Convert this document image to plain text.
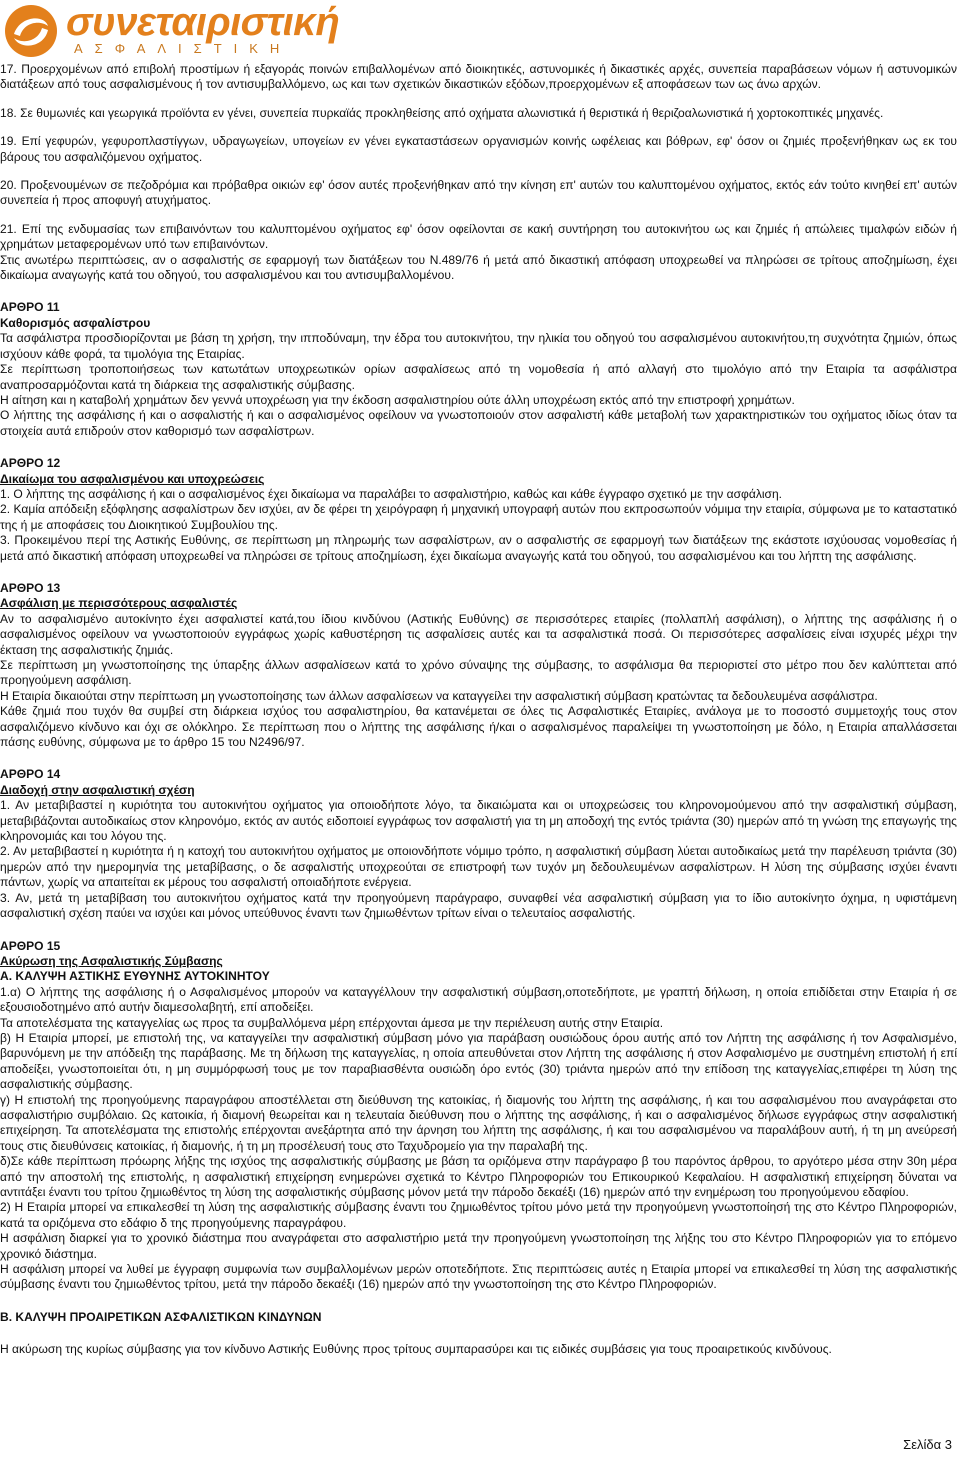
συνεταιριστική
ΑΣΦΑΛΙΣΤΙΚΗ

17. Προερχομένων από επιβολή προστίμων ή εξαγοράς ποινών επιβαλλομένων από διοικητικές, αστυνομικές ή δικαστικές αρχές, συνεπεία παραβάσεων νόμων ή αστυνομικών διατάξεων από τους ασφαλισμένους ή τον αντισυμβαλλόμενο, ως και των σχετικών δικαστικών εξόδων,προερχομένων εξ αποφάσεων των ως άνω αρχών.

18. Σε θυμωνιές και γεωργικά προϊόντα εν γένει, συνεπεία πυρκαϊάς προκληθείσης από οχήματα αλωνιστικά ή θεριστικά ή θεριζοαλωνιστικά ή χορτοκοπτικές μηχανές.

19. Επί γεφυρών, γεφυροπλαστίγγων, υδραγωγείων, υπογείων εν γένει εγκαταστάσεων οργανισμών κοινής ωφέλειας και βόθρων, εφ' όσον οι ζημιές προξενήθηκαν ως εκ του βάρους του ασφαλιζόμενου οχήματος.

20. Προξενουμένων σε πεζοδρόμια και πρόβαθρα οικιών εφ' όσον αυτές προξενήθηκαν από την κίνηση επ' αυτών του καλυπτομένου οχήματος, εκτός εάν τούτο κινηθεί επ' αυτών συνεπεία ή προς αποφυγή ατυχήματος.

21. Επί της ενδυμασίας των επιβαινόντων του καλυπτομένου οχήματος εφ' όσον οφείλονται σε κακή συντήρηση του αυτοκινήτου ως και ζημιές ή απώλειες τιμαλφών ειδών ή χρημάτων μεταφερομένων υπό των επιβαινόντων.

Στις ανωτέρω περιπτώσεις, αν ο ασφαλιστής σε εφαρμογή των διατάξεων του Ν.489/76 ή μετά από δικαστική απόφαση υποχρεωθεί να πληρώσει σε τρίτους αποζημίωση, έχει δικαίωμα αναγωγής κατά του οδηγού, του ασφαλισμένου και του αντισυμβαλλομένου.

ΑΡΘΡΟ 11

Καθορισμός ασφαλίστρου

Τα ασφάλιστρα προσδιορίζονται με βάση τη χρήση, την ιπποδύναμη, την έδρα του αυτοκινήτου, την ηλικία του οδηγού του ασφαλισμένου αυτοκινήτου,τη συχνότητα ζημιών, όπως ισχύουν κάθε φορά, τα τιμολόγια της Εταιρίας.

Σε περίπτωση τροποποιήσεως των κατωτάτων υποχρεωτικών ορίων ασφαλίσεως από τη νομοθεσία ή από αλλαγή στο τιμολόγιο από την Εταιρία τα ασφάλιστρα αναπροσαρμόζονται κατά τη διάρκεια της ασφαλιστικής σύμβασης.

Η αίτηση και η καταβολή χρημάτων δεν γεννά υποχρέωση για την έκδοση ασφαλιστηρίου ούτε άλλη υποχρέωση εκτός από την επιστροφή χρημάτων.

Ο λήπτης της ασφάλισης ή και ο ασφαλιστής ή και ο ασφαλισμένος οφείλουν να γνωστοποιούν στον ασφαλιστή κάθε μεταβολή των χαρακτηριστικών του οχήματος ιδίως όταν τα στοιχεία αυτά επιδρούν στον καθορισμό των ασφαλίστρων.

ΑΡΘΡΟ 12

Δικαίωμα του ασφαλισμένου και υποχρεώσεις

1. Ο λήπτης της ασφάλισης ή και ο ασφαλισμένος έχει δικαίωμα να παραλάβει το ασφαλιστήριο, καθώς και κάθε έγγραφο σχετικό με την ασφάλιση.

2. Καμία απόδειξη εξόφλησης ασφαλίστρων δεν ισχύει, αν δε φέρει τη χειρόγραφη ή μηχανική υπογραφή αυτών που εκπροσωπούν νόμιμα την εταιρία, σύμφωνα με το καταστατικό της ή με αποφάσεις του Διοικητικού Συμβουλίου της.

3. Προκειμένου περί της Αστικής Ευθύνης, σε περίπτωση μη πληρωμής των ασφαλίστρων, αν ο ασφαλιστής σε εφαρμογή των διατάξεων της εκάστοτε ισχύουσας νομοθεσίας ή μετά από δικαστική απόφαση υποχρεωθεί να πληρώσει σε τρίτους αποζημίωση, έχει δικαίωμα αναγωγής κατά του οδηγού, του ασφαλισμένου και του λήπτη της ασφάλισης.

ΑΡΘΡΟ 13

Ασφάλιση με περισσότερους ασφαλιστές

Αν το ασφαλισμένο αυτοκίνητο έχει ασφαλιστεί κατά,του ίδιου κινδύνου (Αστικής Ευθύνης) σε περισσότερες εταιρίες (πολλαπλή ασφάλιση), ο λήπτης της ασφάλισης ή ο ασφαλισμένος οφείλουν να γνωστοποιούν εγγράφως χωρίς καθυστέρηση τις ασφαλίσεις αυτές και τα ασφαλιστικά ποσά. Οι περισσότερες ασφαλίσεις είναι ισχυρές μέχρι την έκταση της ασφαλιστικής ζημιάς.

Σε περίπτωση μη γνωστοποίησης της ύπαρξης άλλων ασφαλίσεων κατά το χρόνο σύναψης της σύμβασης, το ασφάλισμα θα περιοριστεί στο μέτρο που δεν καλύπτεται από προηγούμενη ασφάλιση.

Η Εταιρία δικαιούται στην περίπτωση μη γνωστοποίησης των άλλων ασφαλίσεων να καταγγείλει την ασφαλιστική σύμβαση κρατώντας τα δεδουλευμένα ασφάλιστρα.

Κάθε ζημιά που τυχόν θα συμβεί στη διάρκεια ισχύος του ασφαλιστηρίου, θα κατανέμεται σε όλες τις Ασφαλιστικές Εταιρίες, ανάλογα με το ποσοστό συμμετοχής τους στον ασφαλιζόμενο κίνδυνο και όχι σε ολόκληρο. Σε περίπτωση που ο λήπτης της ασφάλισης ή/και ο ασφαλισμένος παραλείψει τη γνωστοποίηση με δόλο, η Εταιρία απαλλάσσεται πάσης ευθύνης, σύμφωνα με το άρθρο 15 του Ν2496/97.

ΑΡΘΡΟ 14

Διαδοχή στην ασφαλιστική σχέση

1. Αν μεταβιβαστεί η κυριότητα του αυτοκινήτου οχήματος για οποιοδήποτε λόγο, τα δικαιώματα και οι υποχρεώσεις του κληρονομούμενου από την ασφαλιστική σύμβαση, μεταβιβάζονται αυτοδικαίως στον κληρονόμο, εκτός αν αυτός ειδοποιεί εγγράφως τον ασφαλιστή για τη μη αποδοχή της εντός τριάντα (30) ημερών από τη γνώση της επαγωγής της κληρονομιάς και του λόγου της.

2. Αν μεταβιβαστεί η κυριότητα ή η κατοχή του αυτοκινήτου οχήματος με οποιονδήποτε νόμιμο τρόπο, η ασφαλιστική σύμβαση λύεται αυτοδικαίως μετά την παρέλευση τριάντα (30) ημερών από την ημερομηνία της μεταβίβασης, ο δε ασφαλιστής υποχρεούται σε επιστροφή των τυχόν μη δεδουλευμένων ασφαλίστρων. Η λύση της σύμβασης ισχύει έναντι πάντων, χωρίς να απαιτείται εκ μέρους του ασφαλιστή οποιαδήποτε ενέργεια.

3. Αν, μετά τη μεταβίβαση του αυτοκινήτου οχήματος κατά την προηγούμενη παράγραφο, συναφθεί νέα ασφαλιστική σύμβαση για το ίδιο αυτοκίνητο όχημα, η υφιστάμενη ασφαλιστική σχέση παύει να ισχύει και μόνος υπεύθυνος έναντι των ζημιωθέντων τρίτων είναι ο τελευταίος ασφαλιστής.

ΑΡΘΡΟ 15

Ακύρωση της Ασφαλιστικής Σύμβασης

Α. ΚΑΛΥΨΗ ΑΣΤΙΚΗΣ ΕΥΘΥΝΗΣ ΑΥΤΟΚΙΝΗΤΟΥ

1.α) Ο λήπτης της ασφάλισης ή ο Ασφαλισμένος μπορούν να καταγγέλλουν την ασφαλιστική σύμβαση,οποτεδήποτε, με γραπτή δήλωση, η οποία επιδίδεται στην Εταιρία ή σε εξουσιοδοτημένο από αυτήν διαμεσολαβητή, επί αποδείξει.

Τα αποτελέσματα της καταγγελίας ως προς τα συμβαλλόμενα μέρη επέρχονται άμεσα με την περιέλευση αυτής στην Εταιρία.

β) Η Εταιρία μπορεί, με επιστολή της, να καταγγείλει την ασφαλιστική σύμβαση μόνο για παράβαση ουσιώδους όρου αυτής από τον Λήπτη της ασφάλισης ή τον Ασφαλισμένο, βαρυνόμενη με την απόδειξη της παράβασης. Με τη δήλωση της καταγγελίας, η οποία απευθύνεται στον Λήπτη της ασφάλισης ή στον Ασφαλισμένο με συστημένη επιστολή ή επί αποδείξει, γνωστοποιείται ότι, η μη συμμόρφωσή τους με τον παραβιασθέντα ουσιώδη όρο εντός (30) τριάντα ημερών από την επίδοση της καταγγελίας,επιφέρει τη λύση της ασφαλιστικής σύμβασης.

γ) Η επιστολή της προηγούμενης παραγράφου αποστέλλεται στη διεύθυνση της κατοικίας, ή διαμονής του λήπτη της ασφάλισης, ή και του ασφαλισμένου που αναγράφεται στο ασφαλιστήριο συμβόλαιο. Ως κατοικία, ή διαμονή θεωρείται και η τελευταία διεύθυνση που ο λήπτης της ασφάλισης, ή και ο ασφαλισμένος δήλωσε εγγράφως στην ασφαλιστική επιχείρηση. Τα αποτελέσματα της επιστολής επέρχονται ανεξάρτητα από την άρνηση του λήπτη της ασφάλισης, ή και του ασφαλισμένου να παραλάβουν αυτή, ή τη μη ανεύρεσή τους στις διευθύνσεις κατοικίας, ή διαμονής, ή τη μη προσέλευσή τους στο Ταχυδρομείο για την παραλαβή της.

δ)Σε κάθε περίπτωση πρόωρης λήξης της ισχύος της ασφαλιστικής σύμβασης με βάση τα οριζόμενα στην παράγραφο β του παρόντος άρθρου, το αργότερο μέσα στην 30η μέρα από την αποστολή της επιστολής, η ασφαλιστική επιχείρηση ενημερώνει σχετικά το Κέντρο Πληροφοριών του Επικουρικού Κεφαλαίου. Η ασφαλιστική επιχείρηση δύναται να αντιτάξει έναντι του τρίτου ζημιωθέντος τη λύση της ασφαλιστικής σύμβασης μόνον μετά την πάροδο δεκαέξι (16) ημερών από την ενημέρωση του προηγούμενου εδαφίου.

2) Η Εταιρία μπορεί να επικαλεσθεί τη λύση της ασφαλιστικής σύμβασης έναντι του ζημιωθέντος τρίτου μόνο μετά την προηγούμενη γνωστοποίησή της στο Κέντρο Πληροφοριών, κατά τα οριζόμενα στο εδάφιο δ της προηγούμενης παραγράφου.

Η ασφάλιση διαρκεί για το χρονικό διάστημα που αναγράφεται στο ασφαλιστήριο μετά την προηγούμενη γνωστοποίηση της λήξης του στο Κέντρο Πληροφοριών για το επόμενο χρονικό διάστημα.

Η ασφάλιση μπορεί να λυθεί με έγγραφη συμφωνία των συμβαλλομένων μερών οποτεδήποτε. Στις περιπτώσεις αυτές η Εταιρία μπορεί να επικαλεσθεί τη λύση της ασφαλιστικής σύμβασης έναντι του ζημιωθέντος τρίτου, μετά την πάροδο δεκαέξι (16) ημερών από την γνωστοποίηση της στο Κέντρο Πληροφοριών.

Β. ΚΑΛΥΨΗ ΠΡΟΑΙΡΕΤΙΚΩΝ ΑΣΦΑΛΙΣΤΙΚΩΝ ΚΙΝΔΥΝΩΝ

Η ακύρωση της κυρίως σύμβασης για τον κίνδυνο Αστικής Ευθύνης προς τρίτους συμπαρασύρει και τις ειδικές συμβάσεις για τους προαιρετικούς κινδύνους.

Σελίδα 3
